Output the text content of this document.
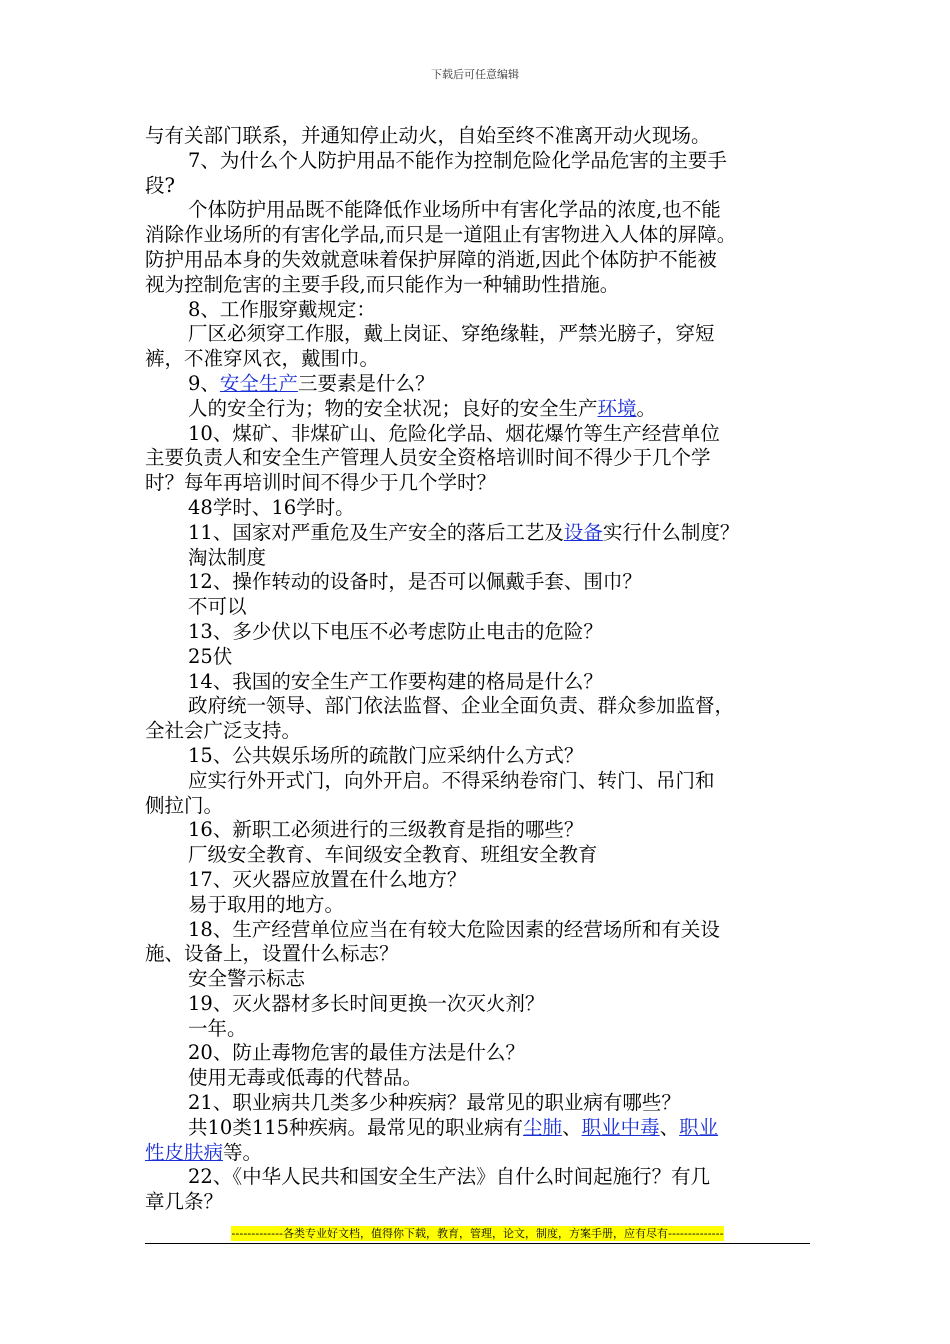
下载后可任意编辑
与有关部门联系，并通知停止动火，自始至终不准离开动火现场。
7、为什么个人防护用品不能作为控制危险化学品危害的主要手
段?
个体防护用品既不能降低作业场所中有害化学品的浓度,也不能
消除作业场所的有害化学品,而只是一道阻止有害物进入人体的屏障。
防护用品本身的失效就意味着保护屏障的消逝,因此个体防护不能被
视为控制危害的主要手段,而只能作为一种辅助性措施。
8、工作服穿戴规定：
厂区必须穿工作服，戴上岗证、穿绝缘鞋，严禁光膀子，穿短
裤，不准穿风衣，戴围巾。
9、安全生产三要素是什么？
人的安全行为；物的安全状况；良好的安全生产环境。
10、煤矿、非煤矿山、危险化学品、烟花爆竹等生产经营单位
主要负责人和安全生产管理人员安全资格培训时间不得少于几个学
时？每年再培训时间不得少于几个学时？
48学时、16学时。
11、国家对严重危及生产安全的落后工艺及设备实行什么制度？
淘汰制度
12、操作转动的设备时，是否可以佩戴手套、围巾？
不可以
13、多少伏以下电压不必考虑防止电击的危险？
25伏
14、我国的安全生产工作要构建的格局是什么？
政府统一领导、部门依法监督、企业全面负责、群众参加监督，
全社会广泛支持。
15、公共娱乐场所的疏散门应采纳什么方式？
应实行外开式门，向外开启。不得采纳卷帘门、转门、吊门和
侧拉门。
16、新职工必须进行的三级教育是指的哪些？
厂级安全教育、车间级安全教育、班组安全教育
17、灭火器应放置在什么地方？
易于取用的地方。
18、生产经营单位应当在有较大危险因素的经营场所和有关设
施、设备上，设置什么标志？
安全警示标志
19、灭火器材多长时间更换一次灭火剂？
一年。
20、防止毒物危害的最佳方法是什么？
使用无毒或低毒的代替品。
21、职业病共几类多少种疾病？最常见的职业病有哪些？
共10类115种疾病。最常见的职业病有尘肺、职业中毒、职业
性皮肤病等。
22、《中华人民共和国安全生产法》自什么时间起施行？有几
章几条？
-------------各类专业好文档，值得你下载，教育，管理，论文，制度，方案手册，应有尽有--------------
